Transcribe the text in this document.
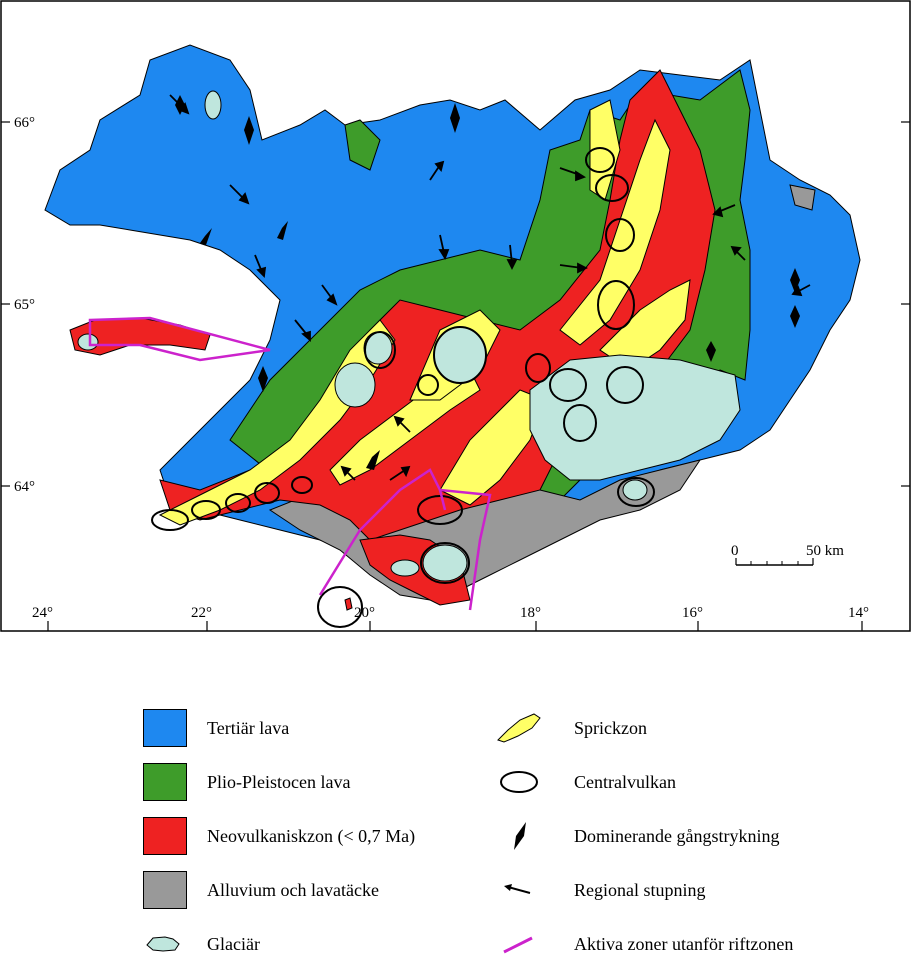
66°
65°
64°
24°	22°	20°	18°	16°	14°
0	50 km
Tertiär lava
Plio-Pleistocen lava
Neovulkaniskzon (< 0,7 Ma)
Alluvium och lavatäcke
Glaciär
Sprickzon
Centralvulkan
Dominerande gångstrykning
Regional stupning
Aktiva zoner utanför riftzonen
